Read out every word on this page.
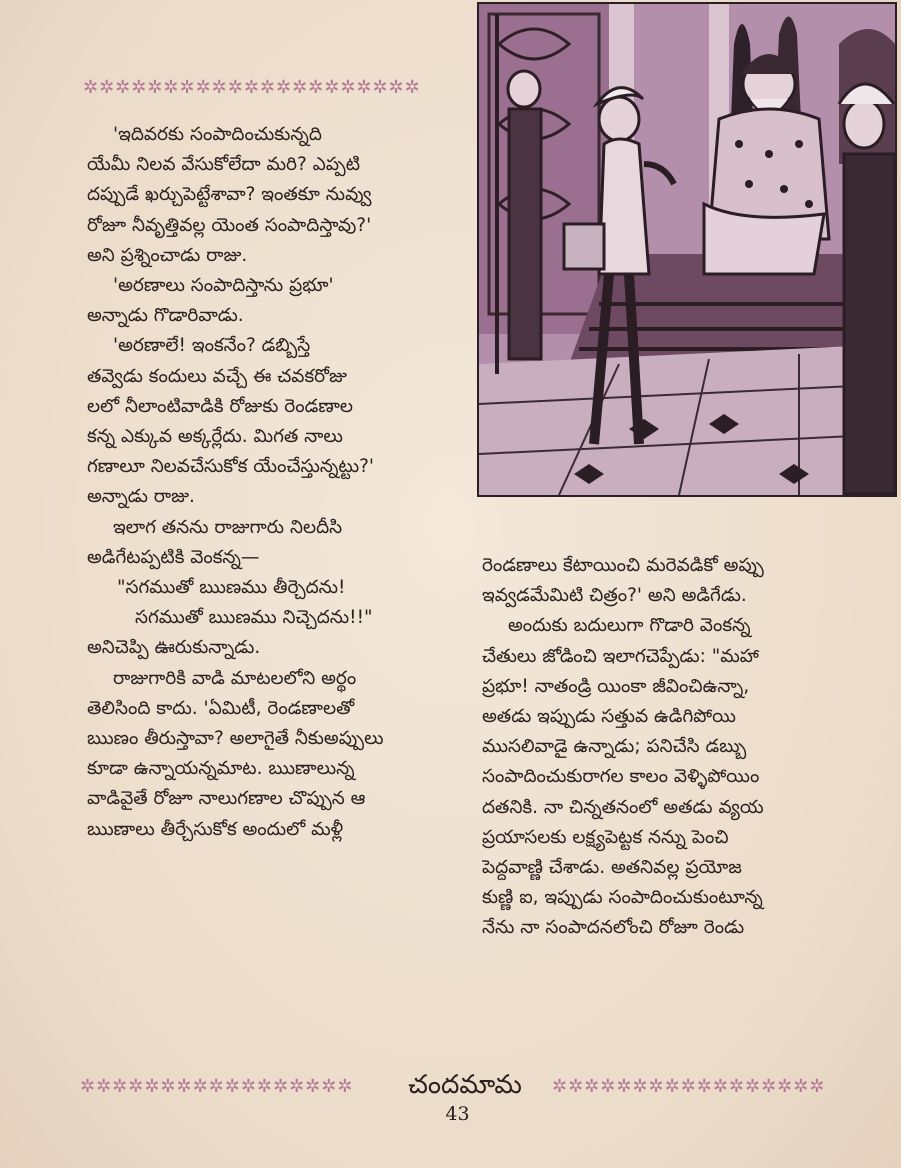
✲✲✲✲✲✲✲✲✲✲✲✲✲✲✲✲✲✲✲✲✲

'ఇదివరకు సంపాదించుకున్నది

యేమీ నిలవ వేసుకోలేదా మరి? ఎప్పటి

దప్పుడే ఖర్చుపెట్టేశావా? ఇంతకూ నువ్వు

రోజూ నీవృత్తివల్ల యెంత సంపాదిస్తావు?'

అని ప్రశ్నించాడు రాజు.

'అరణాలు సంపాదిస్తాను ప్రభూ'

అన్నాడు గొడారివాడు.

'అరణాలే! ఇంకనేం? డబ్బిస్తే

తవ్వెడు కందులు వచ్చే ఈ చవకరోజు

లలో నీలాంటివాడికి రోజుకు రెండణాల

కన్న ఎక్కువ అక్కర్లేదు. మిగత నాలు

గణాలూ నిలవచేసుకోక యేంచేస్తున్నట్టు?'

అన్నాడు రాజు.

ఇలాగ తనను రాజుగారు నిలదీసి

అడిగేటప్పటికి వెంకన్న—

"సగముతో ఋణము తీర్చెదను!

సగముతో ఋణము నిచ్చెదను!!"

అనిచెప్పి ఊరుకున్నాడు.

రాజుగారికి వాడి మాటలలోని అర్థం

తెలిసింది కాదు. 'ఏమిటీ, రెండణాలతో

ఋణం తీరుస్తావా? అలాగైతే నీకుఅప్పులు

కూడా ఉన్నాయన్నమాట. ఋణాలున్న

వాడివైతే రోజూ నాలుగణాల చొప్పున ఆ

ఋణాలు తీర్చేసుకోక అందులో మళ్లీ

రెండణాలు కేటాయించి మరెవడికో అప్పు

ఇవ్వడమేమిటి చిత్రం?' అని అడిగేడు.

అందుకు బదులుగా గొడారి వెంకన్న

చేతులు జోడించి ఇలాగచెప్పేడు: "మహా

ప్రభూ! నాతండ్రి యింకా జీవించిఉన్నా,

అతడు ఇప్పుడు సత్తువ ఉడిగిపోయి

ముసలివాడై ఉన్నాడు; పనిచేసి డబ్బు

సంపాదించుకురాగల కాలం వెళ్ళిపోయిం

దతనికి. నా చిన్నతనంలో అతడు వ్యయ

ప్రయాసలకు లక్ష్యపెట్టక నన్ను పెంచి

పెద్దవాణ్ణి చేశాడు. అతనివల్ల ప్రయోజ

కుణ్ణి ఐ, ఇప్పుడు సంపాదించుకుంటూన్న

నేను నా సంపాదనలోంచి రోజూ రెండు

✲✲✲✲✲✲✲✲✲✲✲✲✲✲✲✲✲	చందమామ	✲✲✲✲✲✲✲✲✲✲✲✲✲✲✲✲✲
43
